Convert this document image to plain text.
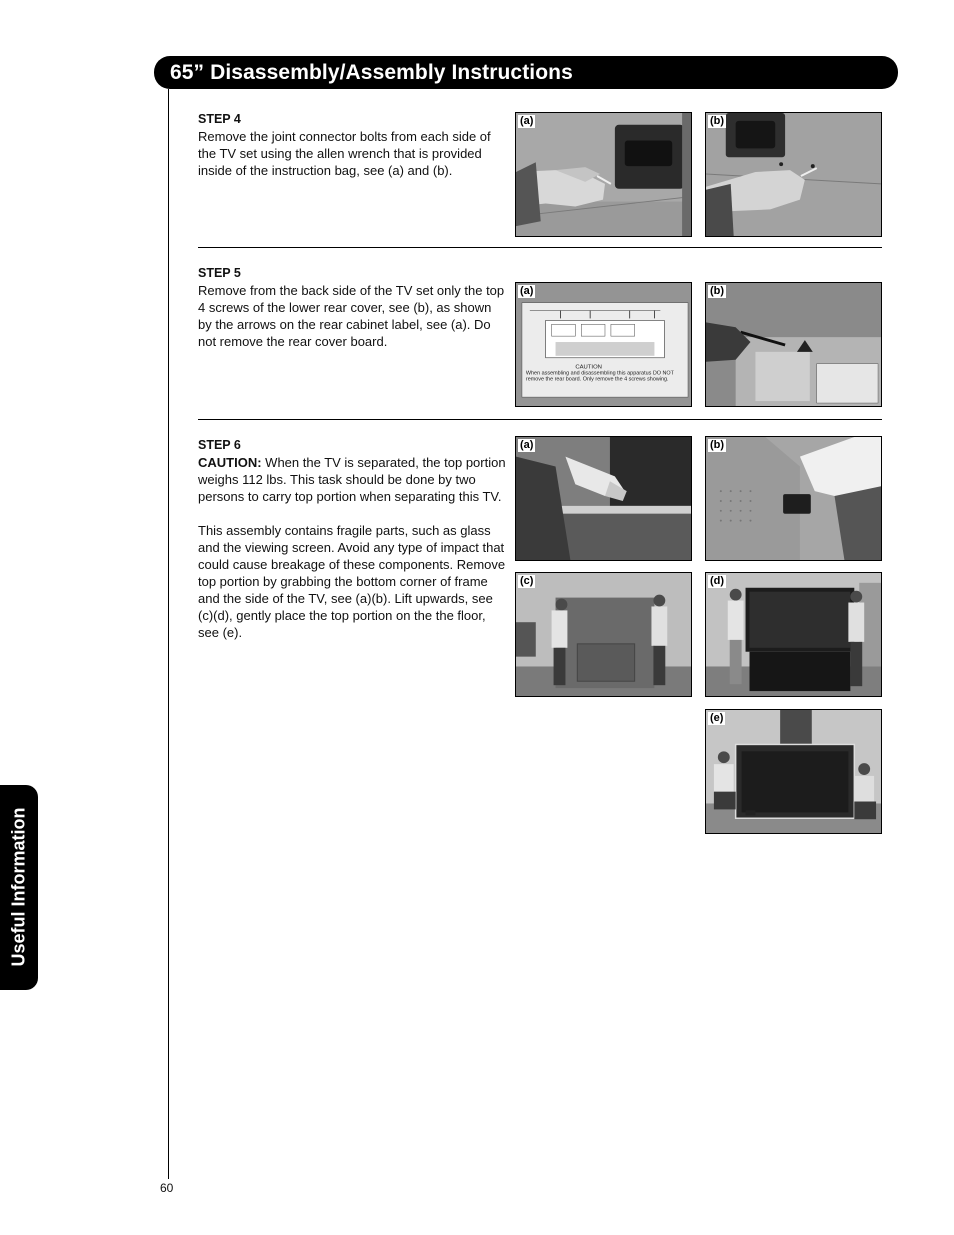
65” Disassembly/Assembly Instructions
Useful Information
STEP 4

Remove the joint connector bolts from each side of the TV set using the allen wrench that is provided inside of the instruction bag, see (a) and (b).

(a)	(b)
STEP 5

Remove from the back side of the TV set only the top 4 screws of the lower rear cover, see (b), as shown by the arrows on the rear cabinet label, see (a). Do not remove the rear cover board.

CAUTION
When assembling and disassembling this apparatus DO NOT remove the rear board. Only remove the 4 screws showing.
(a)	(b)
STEP 6

CAUTION: When the TV is separated, the top portion weighs 112 lbs. This task should be done by two persons to carry top portion when separating this TV.

This assembly contains fragile parts, such as glass and the viewing screen. Avoid any type of impact that could cause breakage of these components. Remove top portion by grabbing the bottom corner of frame and the side of the TV, see (a)(b). Lift upwards, see (c)(d), gently place the top portion on the the floor, see (e).

(a)	(b)
(c)	(d)
(e)
60
